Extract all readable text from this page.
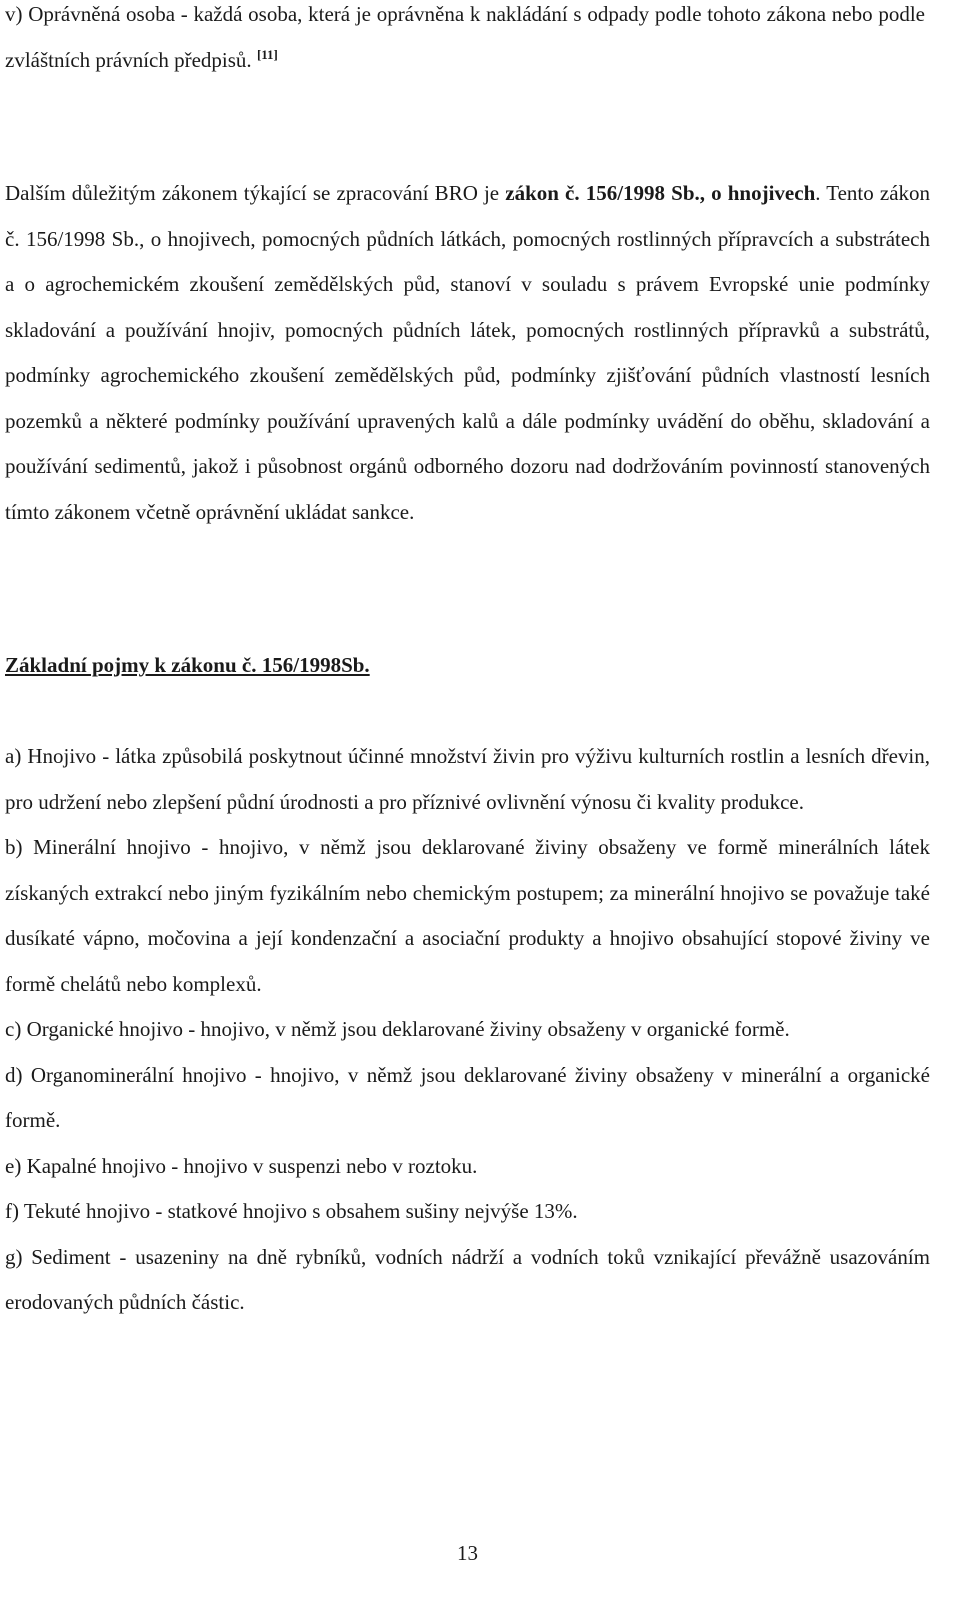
v) Oprávněná osoba - každá osoba, která je oprávněna k nakládání s odpady podle tohoto zákona nebo podle zvláštních právních předpisů. [11]

Dalším důležitým zákonem týkající se zpracování BRO je zákon č. 156/1998 Sb., o hnojivech. Tento zákon č. 156/1998 Sb., o hnojivech, pomocných půdních látkách, pomocných rostlinných přípravcích a substrátech a o agrochemickém zkoušení zemědělských půd, stanoví v souladu s právem Evropské unie podmínky skladování a používání hnojiv, pomocných půdních látek, pomocných rostlinných přípravků a substrátů, podmínky agrochemického zkoušení zemědělských půd, podmínky zjišťování půdních vlastností lesních pozemků a některé podmínky používání upravených kalů a dále podmínky uvádění do oběhu, skladování a používání sedimentů, jakož i působnost orgánů odborného dozoru nad dodržováním povinností stanovených tímto zákonem včetně oprávnění ukládat sankce.

Základní pojmy k zákonu č. 156/1998Sb.
a) Hnojivo - látka způsobilá poskytnout účinné množství živin pro výživu kulturních rostlin a lesních dřevin, pro udržení nebo zlepšení půdní úrodnosti a pro příznivé ovlivnění výnosu či kvality produkce.
b) Minerální hnojivo - hnojivo, v němž jsou deklarované živiny obsaženy ve formě minerálních látek získaných extrakcí nebo jiným fyzikálním nebo chemickým postupem; za minerální hnojivo se považuje také dusíkaté vápno, močovina a její kondenzační a asociační produkty a hnojivo obsahující stopové živiny ve formě chelátů nebo komplexů.
c) Organické hnojivo - hnojivo, v němž jsou deklarované živiny obsaženy v organické formě.
d) Organominerální hnojivo - hnojivo, v němž jsou deklarované živiny obsaženy v minerální a organické formě.
e) Kapalné hnojivo - hnojivo v suspenzi nebo v roztoku.
f) Tekuté hnojivo - statkové hnojivo s obsahem sušiny nejvýše 13%.
g) Sediment - usazeniny na dně rybníků, vodních nádrží a vodních toků vznikající převážně usazováním erodovaných půdních částic.
13
